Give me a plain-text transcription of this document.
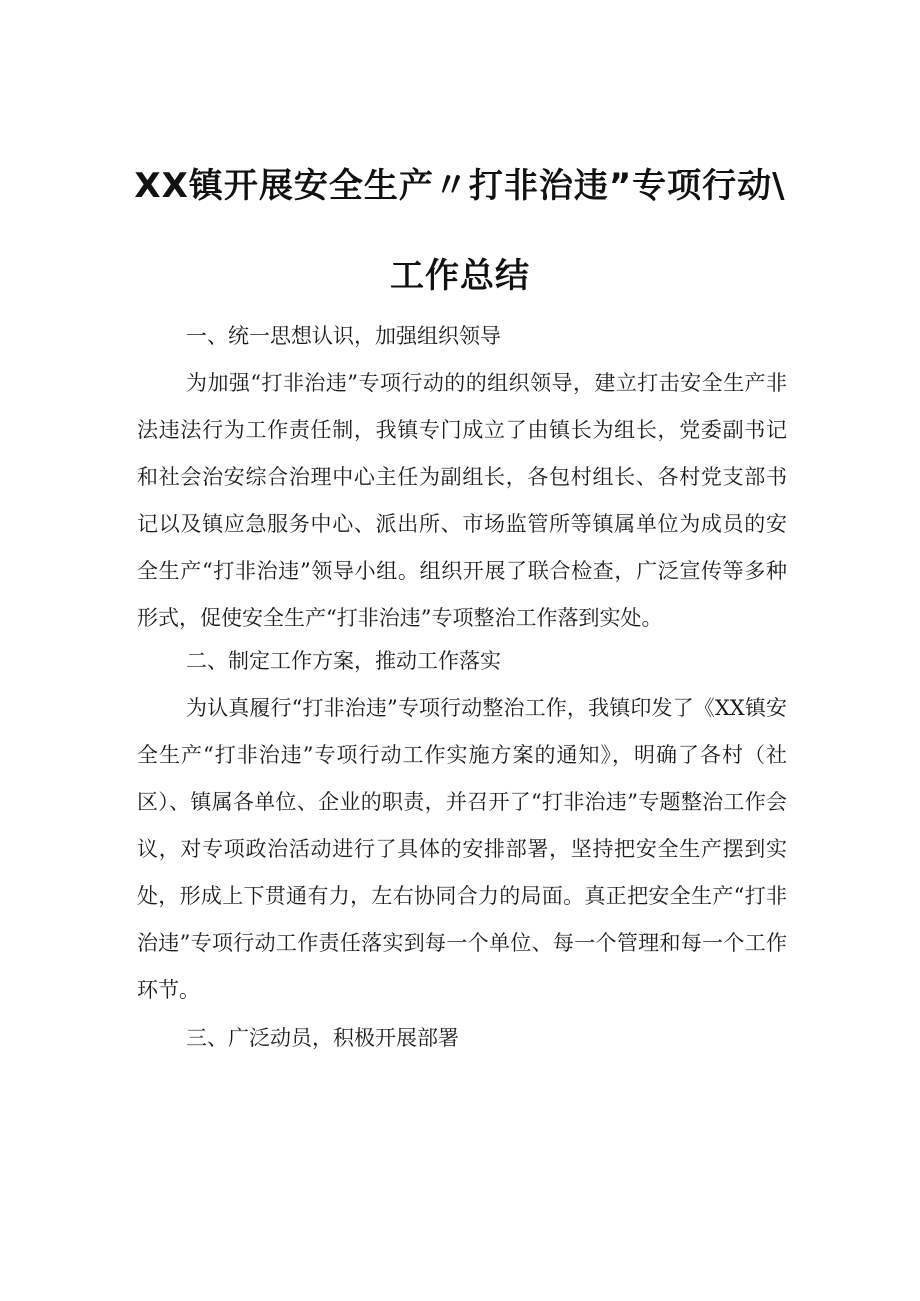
XX镇开展安全生产〃打非治违”专项行动\
工作总结
一、统一思想认识，加强组织领导
为加强“打非治违”专项行动的的组织领导，建立打击安全生产非法违法行为工作责任制，我镇专门成立了由镇长为组长，党委副书记和社会治安综合治理中心主任为副组长，各包村组长、各村党支部书记以及镇应急服务中心、派出所、市场监管所等镇属单位为成员的安全生产“打非治违”领导小组。组织开展了联合检查，广泛宣传等多种形式，促使安全生产“打非治违”专项整治工作落到实处。
二、制定工作方案，推动工作落实
为认真履行“打非治违”专项行动整治工作，我镇印发了《XX镇安全生产“打非治违”专项行动工作实施方案的通知》，明确了各村（社区）、镇属各单位、企业的职责，并召开了“打非治违”专题整治工作会议，对专项政治活动进行了具体的安排部署，坚持把安全生产摆到实处，形成上下贯通有力，左右协同合力的局面。真正把安全生产“打非治违”专项行动工作责任落实到每一个单位、每一个管理和每一个工作环节。
三、广泛动员，积极开展部署
